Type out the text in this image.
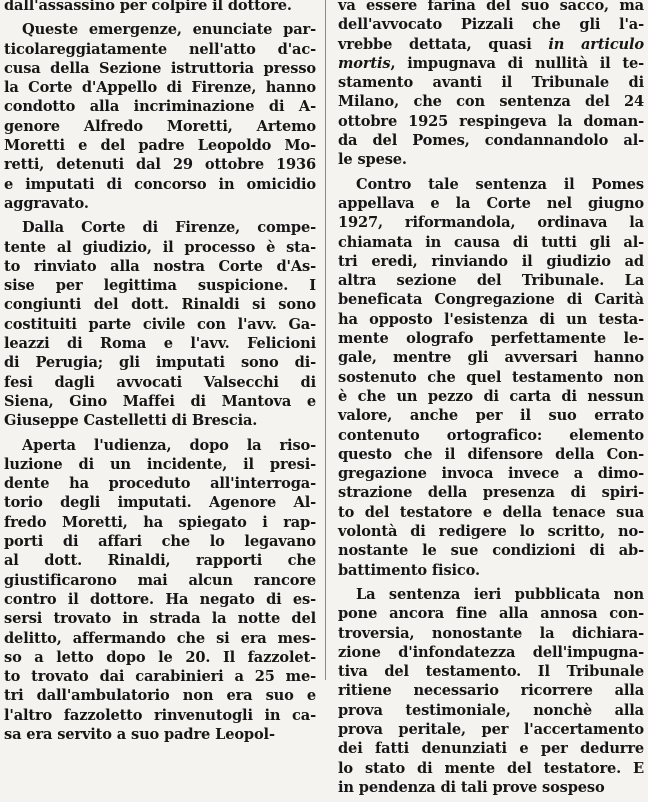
dall'assassino per colpire il dottore.

Queste emergenze, enunciate par-
ticolareggiatamente nell'atto d'ac-
cusa della Sezione istruttoria presso
la Corte d'Appello di Firenze, hanno
condotto alla incriminazione di A-
genore Alfredo Moretti, Artemo
Moretti e del padre Leopoldo Mo-
retti, detenuti dal 29 ottobre 1936
e imputati di concorso in omicidio
aggravato.

Dalla Corte di Firenze, compe-
tente al giudizio, il processo è sta-
to rinviato alla nostra Corte d'As-
sise per legittima suspicione. I
congiunti del dott. Rinaldi si sono
costituiti parte civile con l'avv. Ga-
leazzi di Roma e l'avv. Felicioni
di Perugia; gli imputati sono di-
fesi dagli avvocati Valsecchi di
Siena, Gino Maffei di Mantova e
Giuseppe Castelletti di Brescia.

Aperta l'udienza, dopo la riso-
luzione di un incidente, il presi-
dente ha proceduto all'interroga-
torio degli imputati. Agenore Al-
fredo Moretti, ha spiegato i rap-
porti di affari che lo legavano
al dott. Rinaldi, rapporti che
giustificarono mai alcun rancore
contro il dottore. Ha negato di es-
sersi trovato in strada la notte del
delitto, affermando che si era mes-
so a letto dopo le 20. Il fazzolet-
to trovato dai carabinieri a 25 me-
tri dall'ambulatorio non era suo e
l'altro fazzoletto rinvenutogli in ca-
sa era servito a suo padre Leopol-

va essere farina del suo sacco, ma
dell'avvocato Pizzali che gli l'a-
vrebbe dettata, quasi in articulo
mortis, impugnava di nullità il te-
stamento avanti il Tribunale di
Milano, che con sentenza del 24
ottobre 1925 respingeva la doman-
da del Pomes, condannandolo al-
le spese.

Contro tale sentenza il Pomes
appellava e la Corte nel giugno
1927, riformandola, ordinava la
chiamata in causa di tutti gli al-
tri eredi, rinviando il giudizio ad
altra sezione del Tribunale. La
beneficata Congregazione di Carità
ha opposto l'esistenza di un testa-
mente olografo perfettamente le-
gale, mentre gli avversari hanno
sostenuto che quel testamento non
è che un pezzo di carta di nessun
valore, anche per il suo errato
contenuto ortografico: elemento
questo che il difensore della Con-
gregazione invoca invece a dimo-
strazione della presenza di spiri-
to del testatore e della tenace sua
volontà di redigere lo scritto, no-
nostante le sue condizioni di ab-
battimento fisico.

La sentenza ieri pubblicata non
pone ancora fine alla annosa con-
troversia, nonostante la dichiara-
zione d'infondatezza dell'impugna-
tiva del testamento. Il Tribunale
ritiene necessario ricorrere alla
prova testimoniale, nonchè alla
prova peritale, per l'accertamento
dei fatti denunziati e per dedurre
lo stato di mente del testatore. E
in pendenza di tali prove sospeso
